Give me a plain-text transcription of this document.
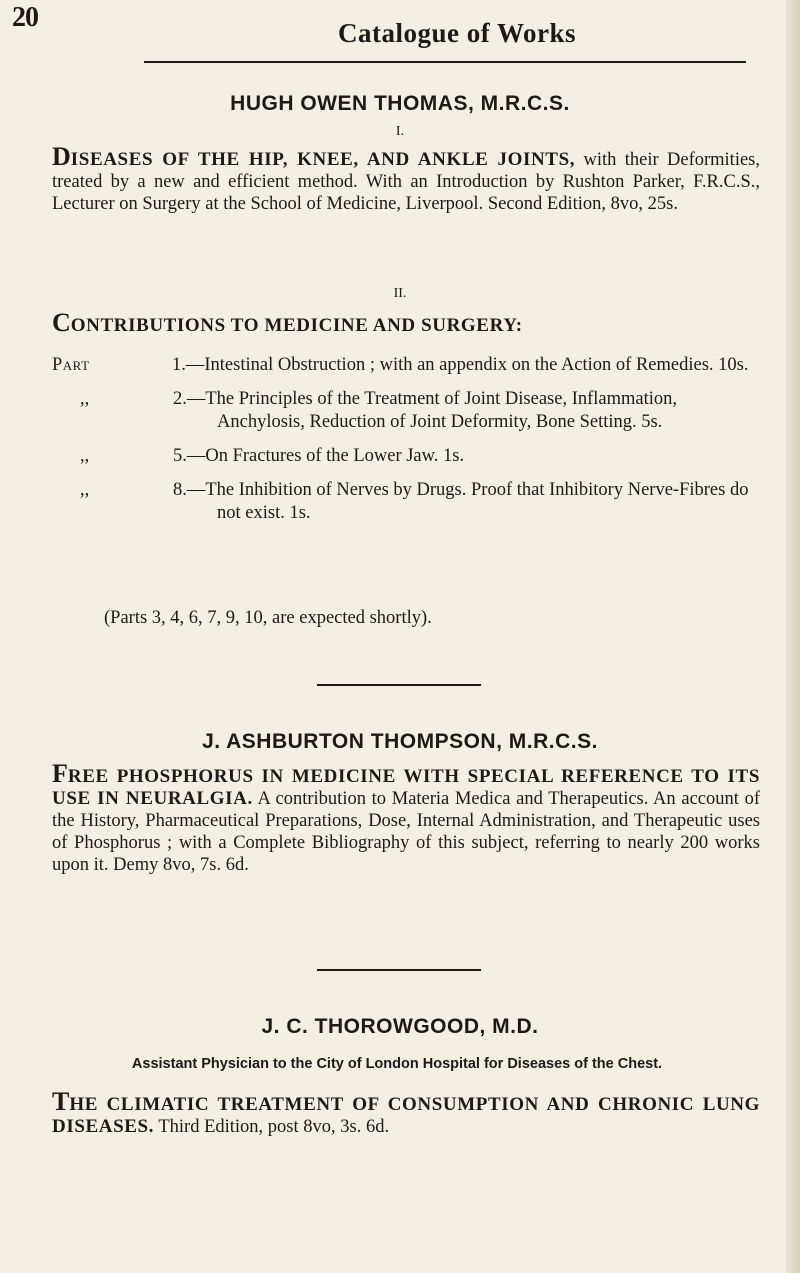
20	Catalogue of Works
HUGH OWEN THOMAS, M.R.C.S.
I.
DISEASES OF THE HIP, KNEE, AND ANKLE JOINTS, with their Deformities, treated by a new and efficient method. With an Introduction by Rushton Parker, F.R.C.S., Lecturer on Surgery at the School of Medicine, Liverpool. Second Edition, 8vo, 25s.
II.
CONTRIBUTIONS TO MEDICINE AND SURGERY:
Part	1.—Intestinal Obstruction ; with an appendix on the Action of Remedies. 10s.
,,	2.—The Principles of the Treatment of Joint Disease, Inflammation, Anchylosis, Reduction of Joint Deformity, Bone Setting. 5s.
,,	5.—On Fractures of the Lower Jaw. 1s.
,,	8.—The Inhibition of Nerves by Drugs. Proof that Inhibitory Nerve-Fibres do not exist. 1s.
(Parts 3, 4, 6, 7, 9, 10, are expected shortly).
J. ASHBURTON THOMPSON, M.R.C.S.
FREE PHOSPHORUS IN MEDICINE WITH SPECIAL REFERENCE TO ITS USE IN NEURALGIA. A contribution to Materia Medica and Therapeutics. An account of the History, Pharmaceutical Preparations, Dose, Internal Administration, and Therapeutic uses of Phosphorus ; with a Complete Bibliography of this subject, referring to nearly 200 works upon it. Demy 8vo, 7s. 6d.
J. C. THOROWGOOD, M.D.
Assistant Physician to the City of London Hospital for Diseases of the Chest.
THE CLIMATIC TREATMENT OF CONSUMPTION AND CHRONIC LUNG DISEASES. Third Edition, post 8vo, 3s. 6d.
